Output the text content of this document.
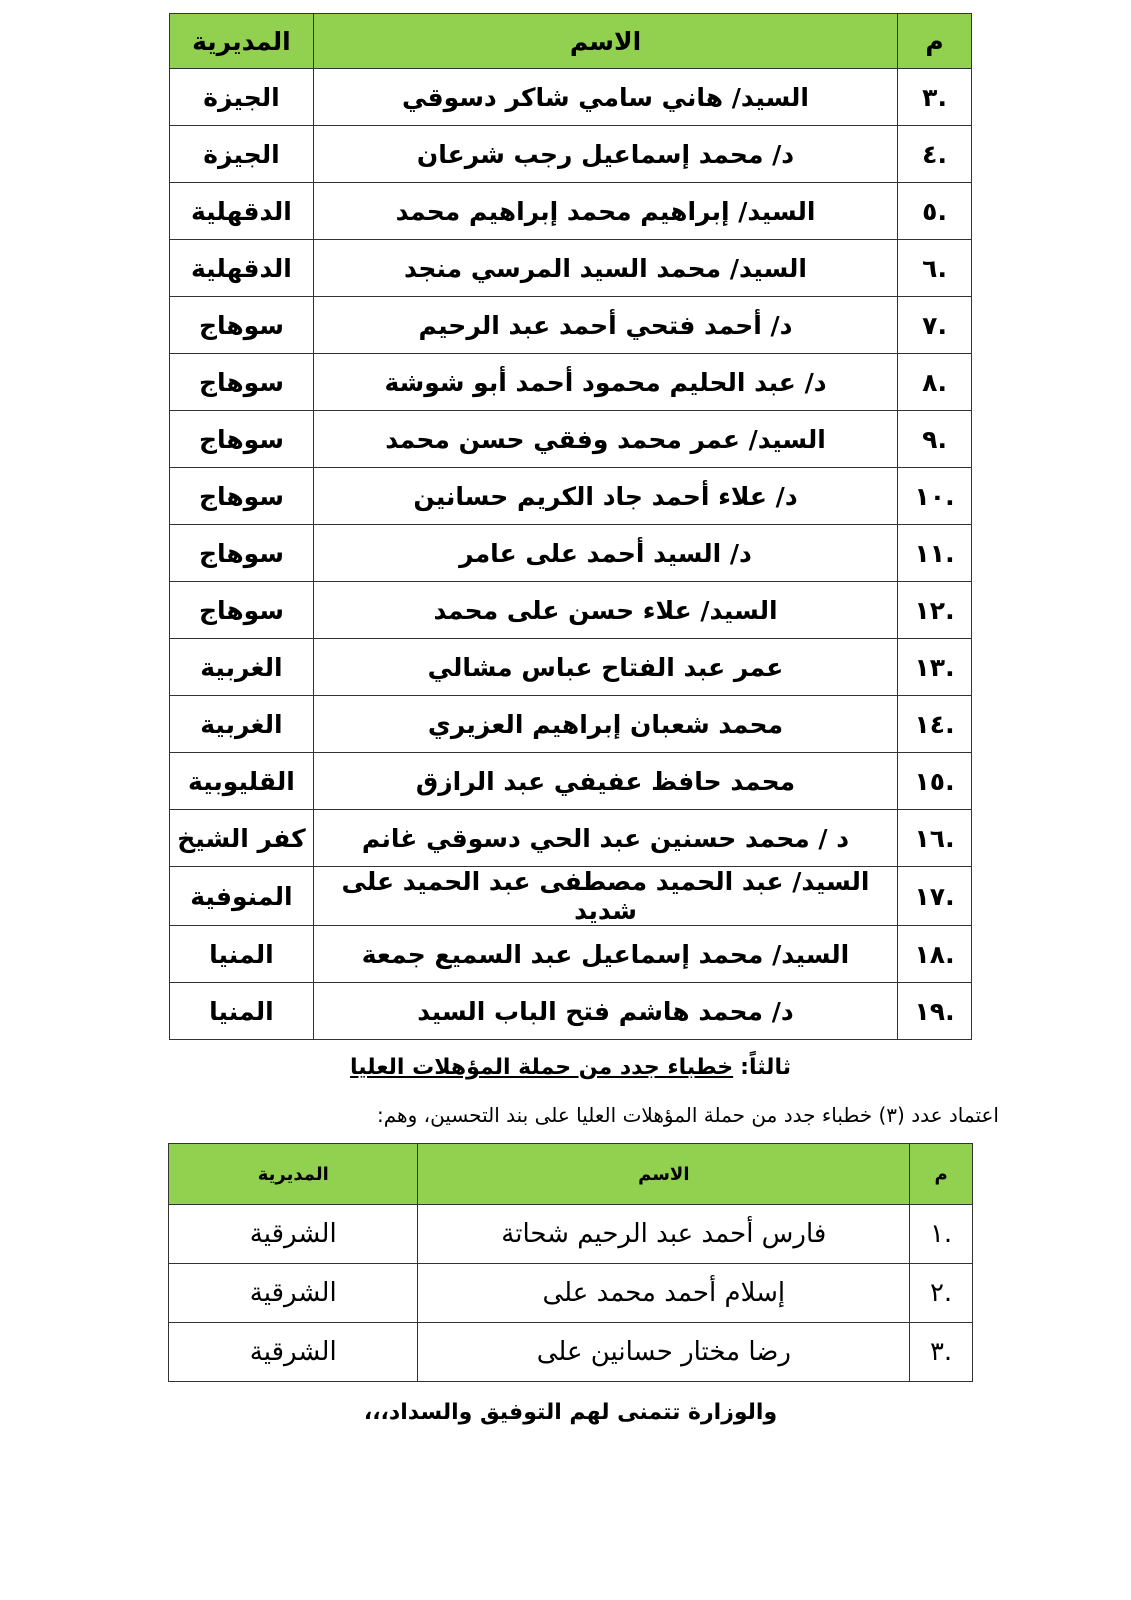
م	الاسم	المديرية
.٣	السيد/ هاني سامي شاكر دسوقي	الجيزة
.٤	د/ محمد إسماعيل رجب شرعان	الجيزة
.٥	السيد/ إبراهيم محمد إبراهيم محمد	الدقهلية
.٦	السيد/ محمد السيد المرسي منجد	الدقهلية
.٧	د/ أحمد فتحي أحمد عبد الرحيم	سوهاج
.٨	د/ عبد الحليم محمود أحمد أبو شوشة	سوهاج
.٩	السيد/ عمر محمد وفقي حسن محمد	سوهاج
.١٠	د/ علاء أحمد جاد الكريم حسانين	سوهاج
.١١	د/ السيد أحمد على عامر	سوهاج
.١٢	السيد/ علاء حسن على محمد	سوهاج
.١٣	عمر عبد الفتاح عباس مشالي	الغربية
.١٤	محمد شعبان إبراهيم العزيري	الغربية
.١٥	محمد حافظ عفيفي عبد الرازق	القليوبية
.١٦	د / محمد حسنين عبد الحي دسوقي غانم	كفر الشيخ
.١٧	السيد/ عبد الحميد مصطفى عبد الحميد على شديد	المنوفية
.١٨	السيد/ محمد إسماعيل عبد السميع جمعة	المنيا
.١٩	د/ محمد هاشم فتح الباب السيد	المنيا
ثالثاً: خطباء جدد من حملة المؤهلات العليا
اعتماد عدد (٣) خطباء جدد من حملة المؤهلات العليا على بند التحسين، وهم:
م	الاسم	المديرية
.١	فارس أحمد عبد الرحيم شحاتة	الشرقية
.٢	إسلام أحمد محمد على	الشرقية
.٣	رضا مختار حسانين على	الشرقية
والوزارة تتمنى لهم التوفيق والسداد،،،
